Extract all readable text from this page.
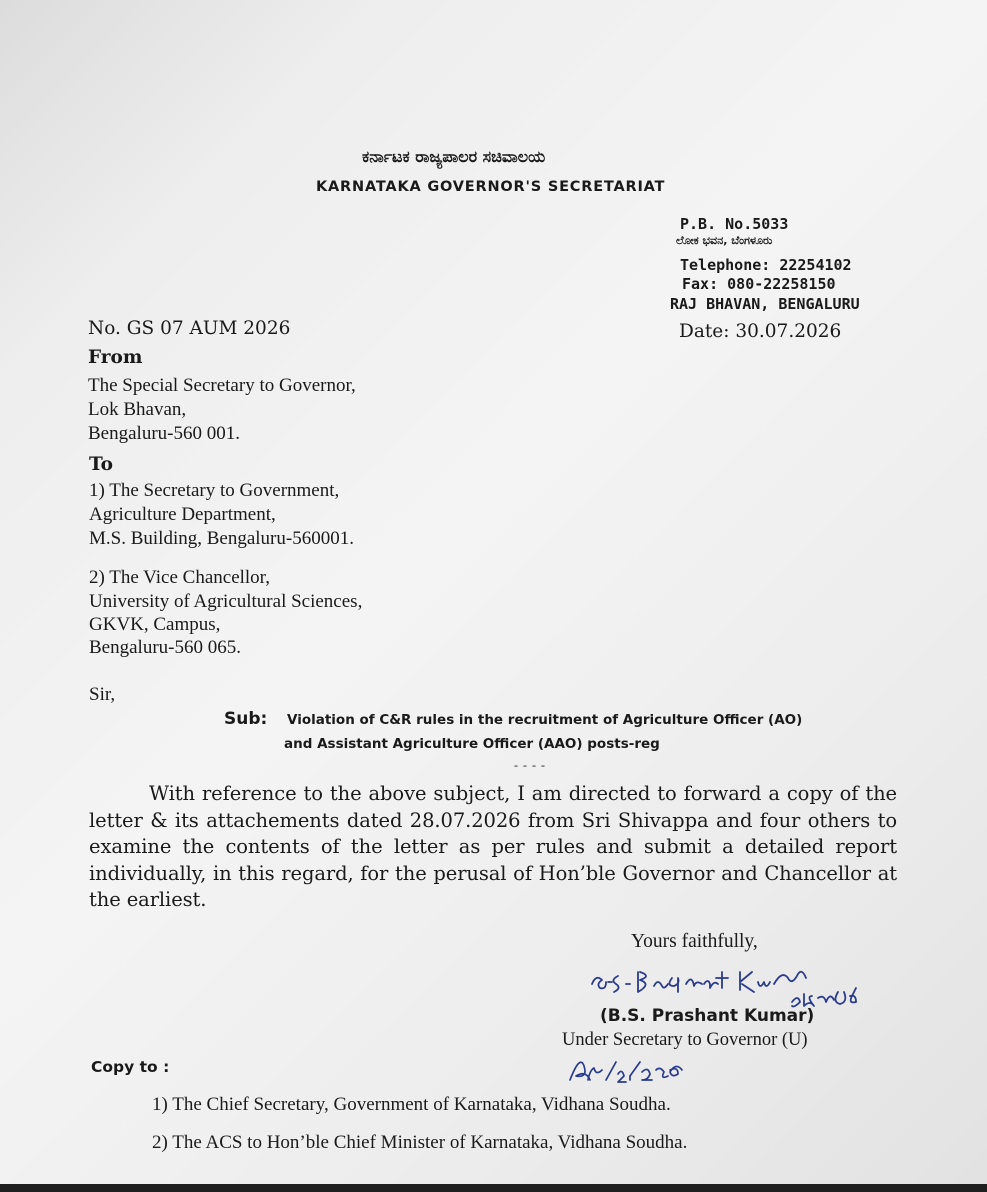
ಕರ್ನಾಟಕ ರಾಜ್ಯಪಾಲರ ಸಚಿವಾಲಯ
KARNATAKA GOVERNOR'S SECRETARIAT
P.B. No.5033
ಲೋಕ ಭವನ, ಬೆಂಗಳೂರು
Telephone: 22254102
Fax: 080-22258150
RAJ BHAVAN, BENGALURU
No. GS 07 AUM 2026	Date: 30.07.2026
From
The Special Secretary to Governor,
Lok Bhavan,
Bengaluru-560 001.
To
1) The Secretary to Government,
Agriculture Department,
M.S. Building, Bengaluru-560001.
2) The Vice Chancellor,
University of Agricultural Sciences,
GKVK, Campus,
Bengaluru-560 065.
Sir,
Sub: Violation of C&R rules in the recruitment of Agriculture Officer (AO)
and Assistant Agriculture Officer (AAO) posts-reg
- - - -
With reference to the above subject, I am directed to forward a copy of the letter & its attachements dated 28.07.2026 from Sri Shivappa and four others to examine the contents of the letter as per rules and submit a detailed report individually, in this regard, for the perusal of Hon’ble Governor and Chancellor at the earliest.
Yours faithfully,
(B.S. Prashant Kumar)
Under Secretary to Governor (U)
Copy to :
1) The Chief Secretary, Government of Karnataka, Vidhana Soudha.
2) The ACS to Hon’ble Chief Minister of Karnataka, Vidhana Soudha.
